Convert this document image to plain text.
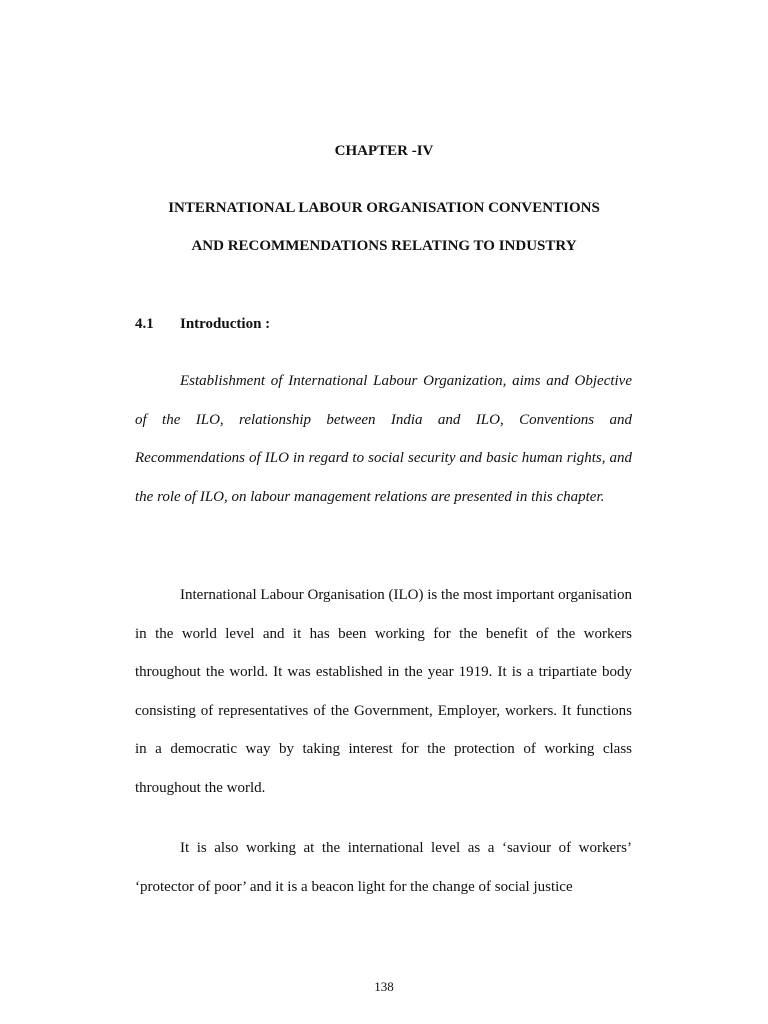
CHAPTER -IV
INTERNATIONAL LABOUR ORGANISATION CONVENTIONS
AND RECOMMENDATIONS RELATING TO INDUSTRY
4.1 Introduction :

Establishment of International Labour Organization, aims and Objective of the ILO, relationship between India and ILO, Conventions and Recommendations of ILO in regard to social security and basic human rights, and the role of ILO, on labour management relations are presented in this chapter.

International Labour Organisation (ILO) is the most important organisation in the world level and it has been working for the benefit of the workers throughout the world. It was established in the year 1919. It is a tripartiate body consisting of representatives of the Government, Employer, workers. It functions in a democratic way by taking interest for the protection of working class throughout the world.

It is also working at the international level as a ‘saviour of workers’ ‘protector of poor’ and it is a beacon light for the change of social justice

138
